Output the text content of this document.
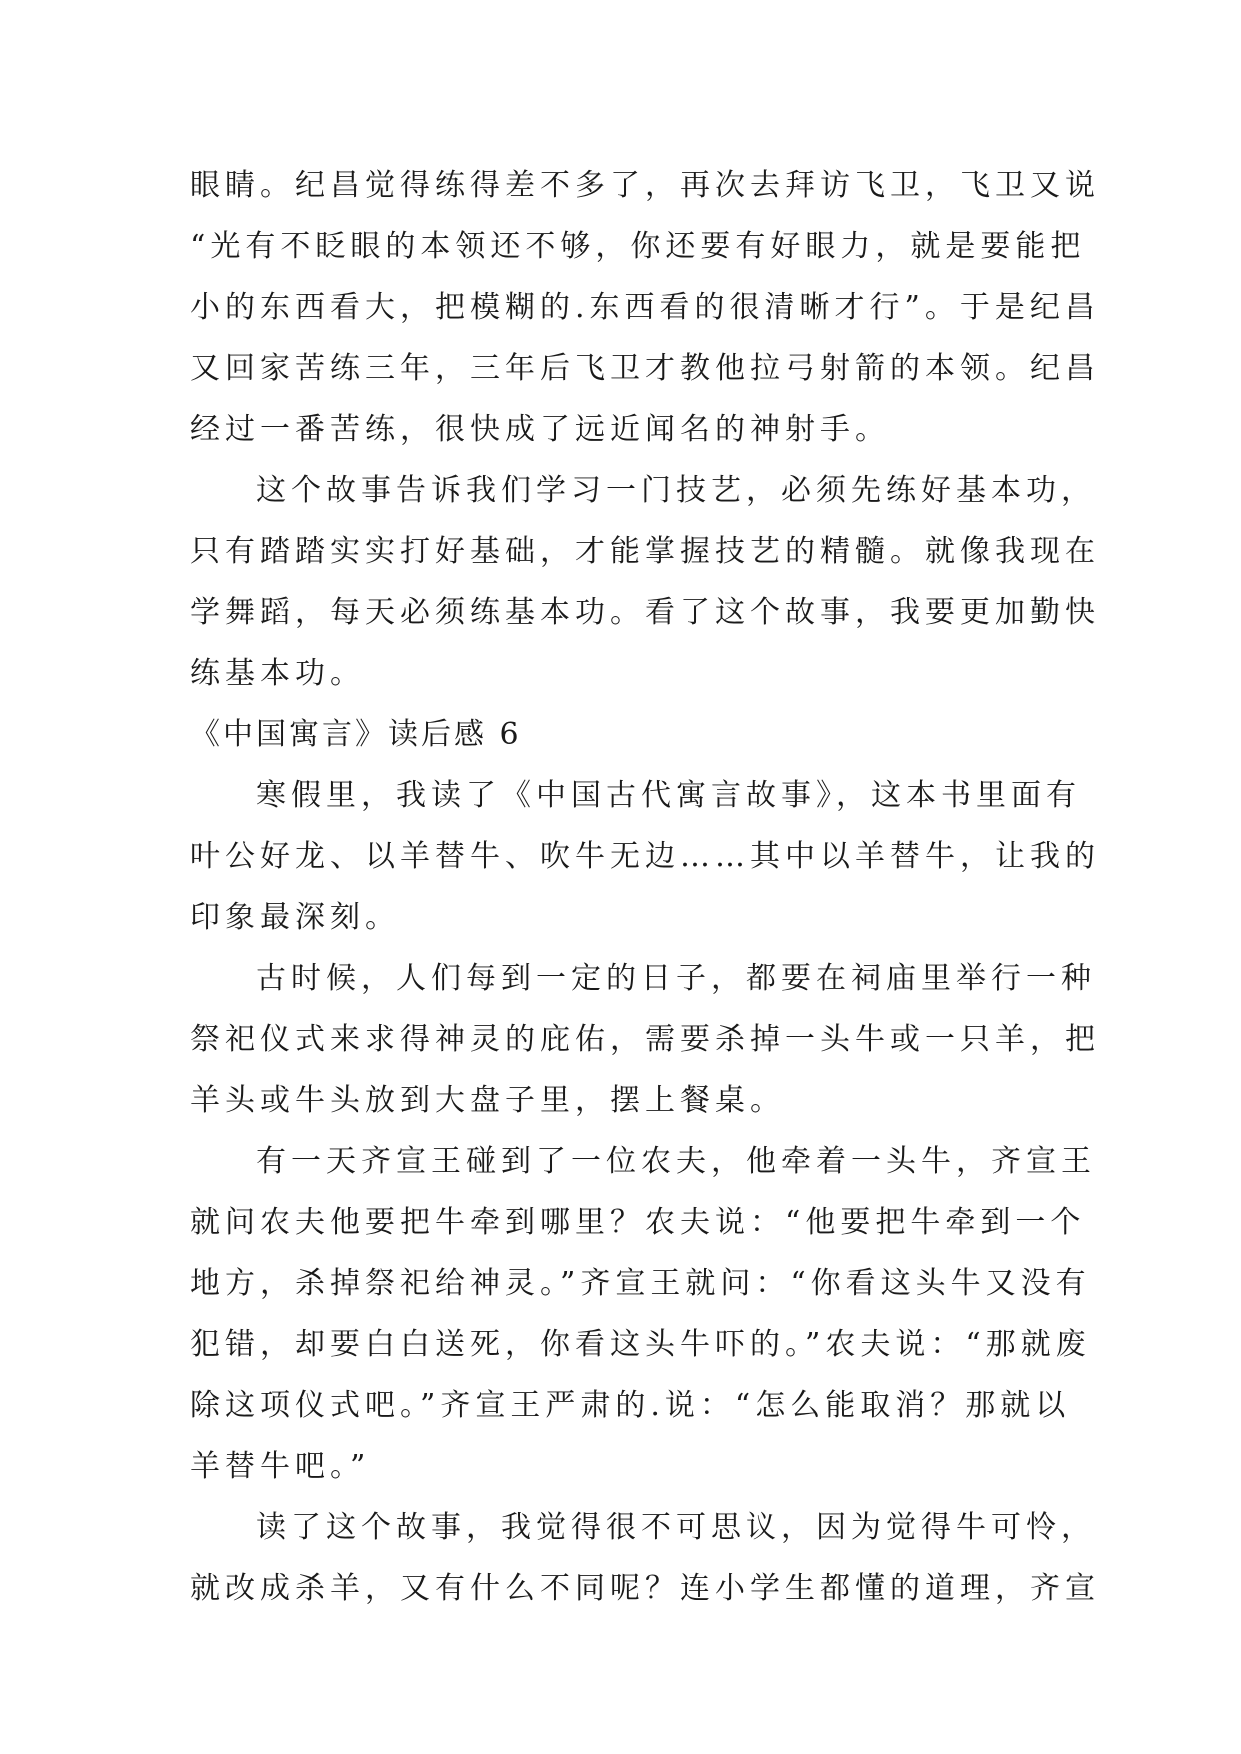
眼睛。纪昌觉得练得差不多了，再次去拜访飞卫，飞卫又说
“光有不眨眼的本领还不够，你还要有好眼力，就是要能把
小的东西看大，把模糊的.东西看的很清晰才行”。于是纪昌
又回家苦练三年，三年后飞卫才教他拉弓射箭的本领。纪昌
经过一番苦练，很快成了远近闻名的神射手。
这个故事告诉我们学习一门技艺，必须先练好基本功，
只有踏踏实实打好基础，才能掌握技艺的精髓。就像我现在
学舞蹈，每天必须练基本功。看了这个故事，我要更加勤快
练基本功。
《中国寓言》读后感 6
寒假里，我读了《中国古代寓言故事》，这本书里面有
叶公好龙、以羊替牛、吹牛无边……其中以羊替牛，让我的
印象最深刻。
古时候，人们每到一定的日子，都要在祠庙里举行一种
祭祀仪式来求得神灵的庇佑，需要杀掉一头牛或一只羊，把
羊头或牛头放到大盘子里，摆上餐桌。
有一天齐宣王碰到了一位农夫，他牵着一头牛，齐宣王
就问农夫他要把牛牵到哪里？农夫说：“他要把牛牵到一个
地方，杀掉祭祀给神灵。”齐宣王就问：“你看这头牛又没有
犯错，却要白白送死，你看这头牛吓的。”农夫说：“那就废
除这项仪式吧。”齐宣王严肃的.说：“怎么能取消？那就以
羊替牛吧。”
读了这个故事，我觉得很不可思议，因为觉得牛可怜，
就改成杀羊，又有什么不同呢？连小学生都懂的道理，齐宣
